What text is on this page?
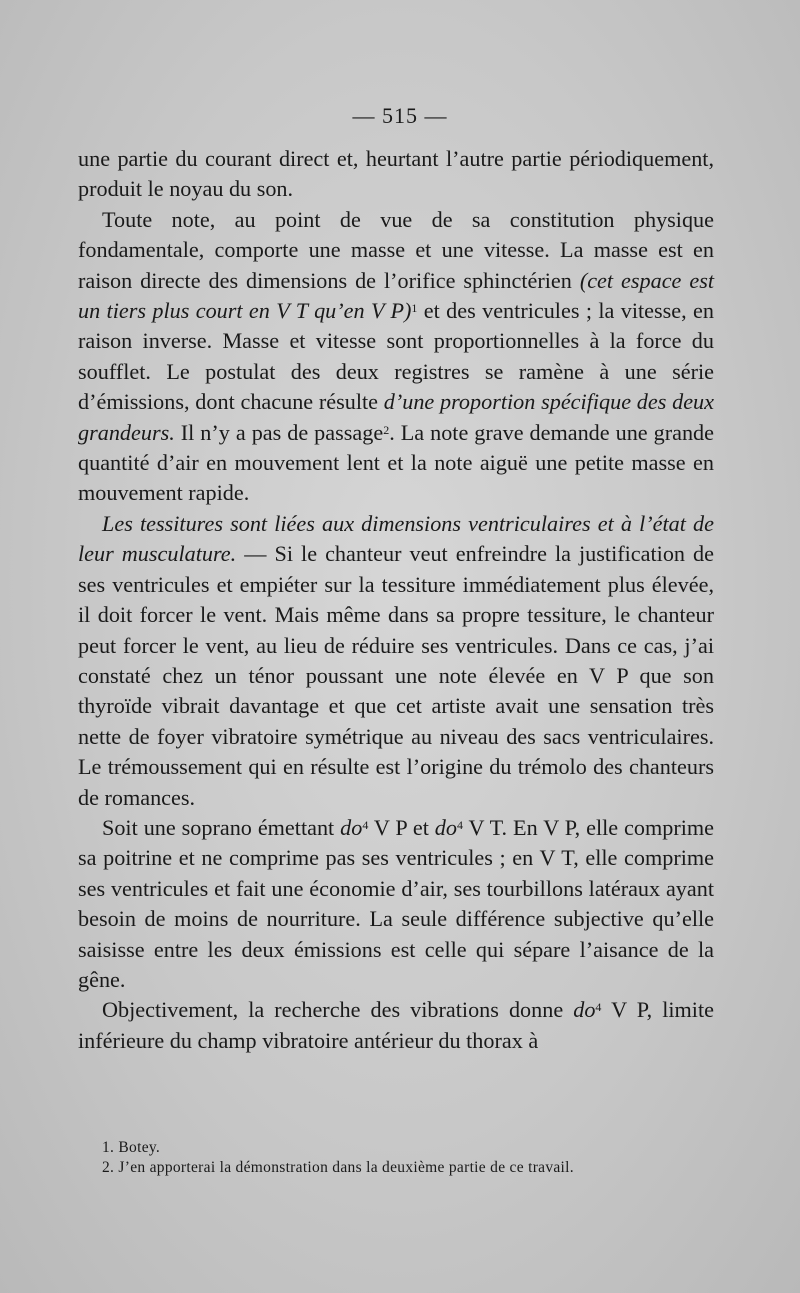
— 515 —

une partie du courant direct et, heurtant l’autre partie périodiquement, produit le noyau du son.

Toute note, au point de vue de sa constitution physique fondamentale, comporte une masse et une vitesse. La masse est en raison directe des dimensions de l’orifice sphinctérien (cet espace est un tiers plus court en V T qu’en V P)$^1$ et des ventricules ; la vitesse, en raison inverse. Masse et vitesse sont proportionnelles à la force du soufflet. Le postulat des deux registres se ramène à une série d’émissions, dont chacune résulte d’une proportion spécifique des deux grandeurs. Il n’y a pas de passage$^2$. La note grave demande une grande quantité d’air en mouvement lent et la note aiguë une petite masse en mouvement rapide.

Les tessitures sont liées aux dimensions ventriculaires et à l’état de leur musculature. — Si le chanteur veut enfreindre la justification de ses ventricules et empiéter sur la tessiture immédiatement plus élevée, il doit forcer le vent. Mais même dans sa propre tessiture, le chanteur peut forcer le vent, au lieu de réduire ses ventricules. Dans ce cas, j’ai constaté chez un ténor poussant une note élevée en V P que son thyroïde vibrait davantage et que cet artiste avait une sensation très nette de foyer vibratoire symétrique au niveau des sacs ventriculaires. Le trémoussement qui en résulte est l’origine du trémolo des chanteurs de romances.

Soit une soprano émettant $do^4$ V P et $do^4$ V T. En V P, elle comprime sa poitrine et ne comprime pas ses ventricules ; en V T, elle comprime ses ventricules et fait une économie d’air, ses tourbillons latéraux ayant besoin de moins de nourriture. La seule différence subjective qu’elle saisisse entre les deux émissions est celle qui sépare l’aisance de la gêne.

Objectivement, la recherche des vibrations donne $do^4$ V P, limite inférieure du champ vibratoire antérieur du thorax à

1. Botey.

2. J’en apporterai la démonstration dans la deuxième partie de ce travail.
